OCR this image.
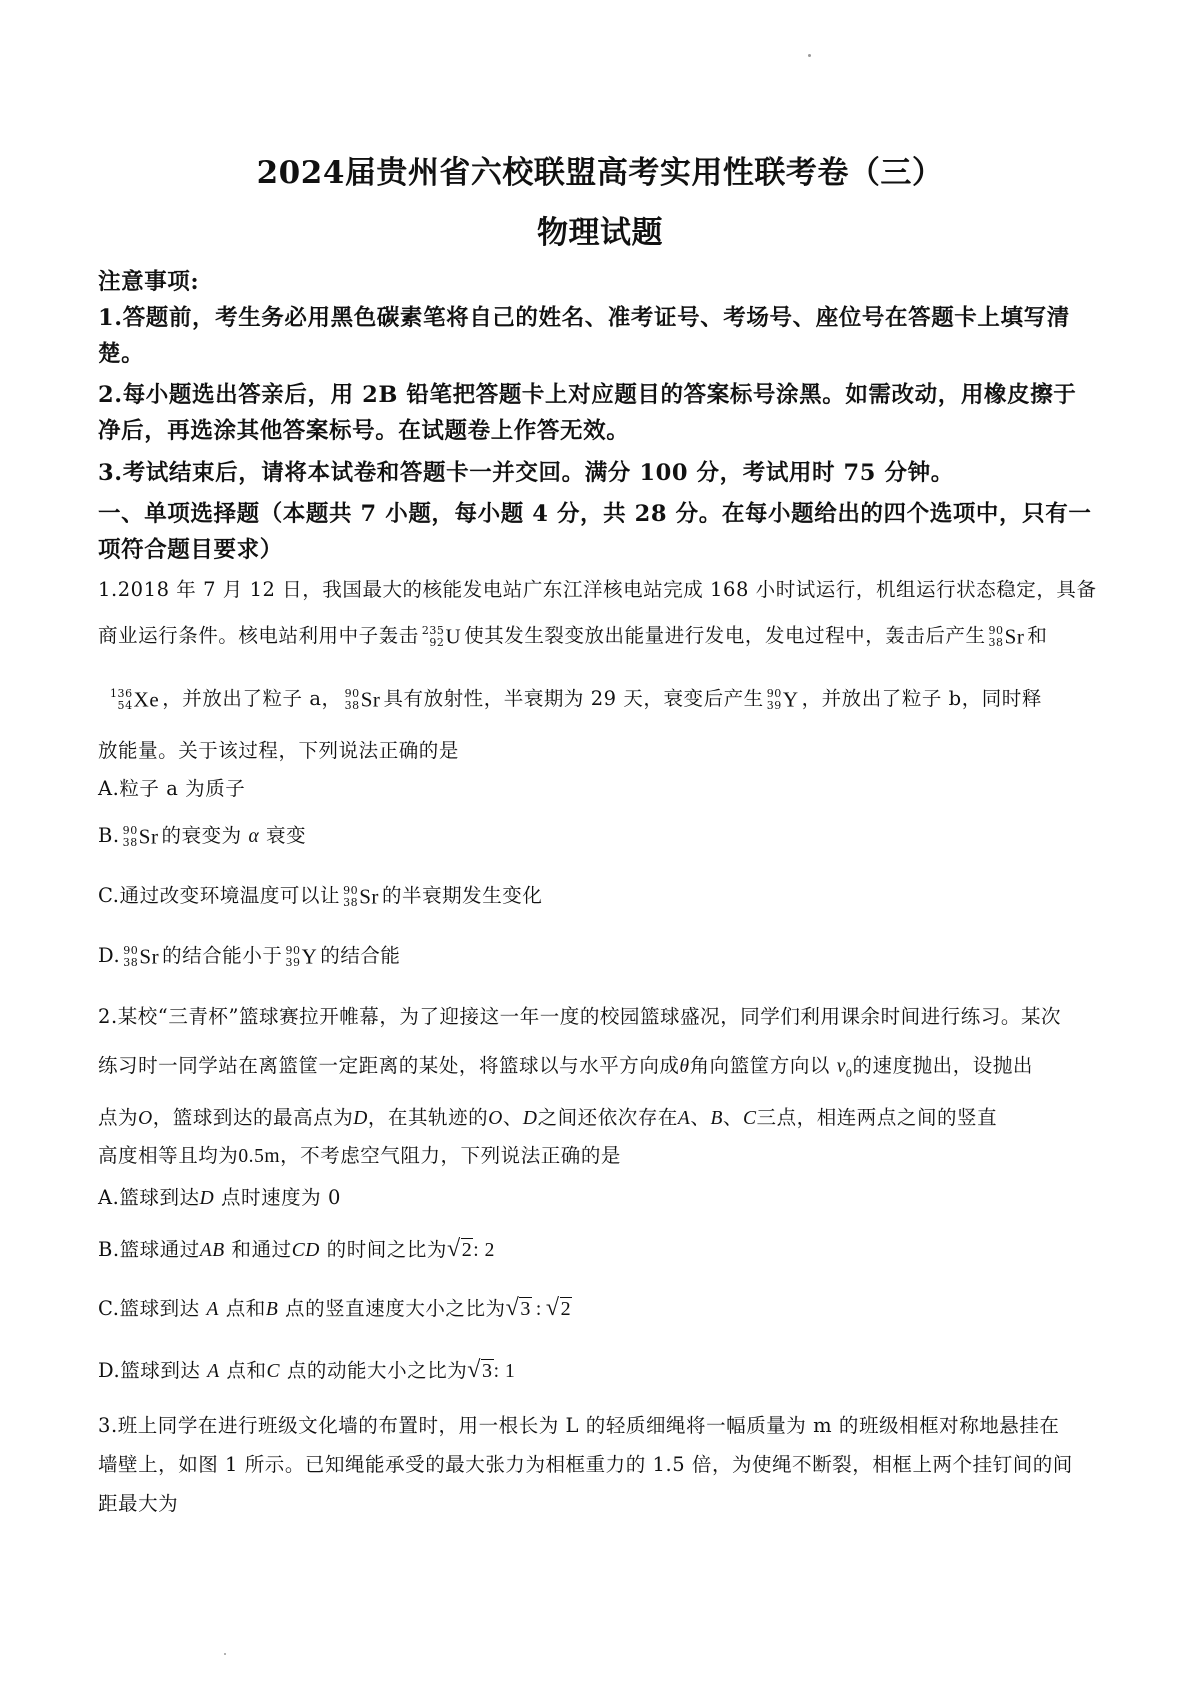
2024届贵州省六校联盟高考实用性联考卷（三）
物理试题
注意事项:
1.答题前，考生务必用黑色碳素笔将自己的姓名、准考证号、考场号、座位号在答题卡上填写清
楚。
2.每小题选出答亲后，用 2B 铅笔把答题卡上对应题目的答案标号涂黑。如需改动，用橡皮擦于
净后，再选涂其他答案标号。在试题卷上作答无效。
3.考试结束后，请将本试卷和答题卡一并交回。满分 100 分，考试用时 75 分钟。
一、单项选择题（本题共 7 小题，每小题 4 分，共 28 分。在每小题给出的四个选项中，只有一
项符合题目要求）
1.2018 年 7 月 12 日，我国最大的核能发电站广东江洋核电站完成 168 小时试运行，机组运行状态稳定，具备
商业运行条件。核电站利用中子轰击 235
92 U 使其发生裂变放出能量进行发电，发电过程中，轰击后产生 90
38 Sr 和
136
54 Xe ，并放出了粒子 a， 90
38 Sr 具有放射性，半衰期为 29 天，衰变后产生 90
39 Y ，并放出了粒子 b，同时释
放能量。关于该过程，下列说法正确的是
A.粒子 a 为质子
B. 90
38 Sr 的衰变为 α 衰变
C.通过改变环境温度可以让 90
38 Sr 的半衰期发生变化
D. 90
38 Sr 的结合能小于 90
39 Y 的结合能
2.某校“三青杯”篮球赛拉开帷幕，为了迎接这一年一度的校园篮球盛况，同学们利用课余时间进行练习。某次
练习时一同学站在离篮筐一定距离的某处，将篮球以与水平方向成θ角向篮筐方向以 $v_0$的速度抛出，设抛出
点为O，篮球到达的最高点为D，在其轨迹的O、D之间还依次存在A、B、C三点，相连两点之间的竖直
高度相等且均为0.5m，不考虑空气阻力，下列说法正确的是
A.篮球到达D 点时速度为 0
B.篮球通过AB 和通过CD 的时间之比为√2: 2
C.篮球到达 A 点和B 点的竖直速度大小之比为√3 : √2
D.篮球到达 A 点和C 点的动能大小之比为√3: 1
3.班上同学在进行班级文化墙的布置时，用一根长为 L 的轻质细绳将一幅质量为 m 的班级相框对称地悬挂在
墙壁上，如图 1 所示。已知绳能承受的最大张力为相框重力的 1.5 倍，为使绳不断裂，相框上两个挂钉间的间
距最大为
